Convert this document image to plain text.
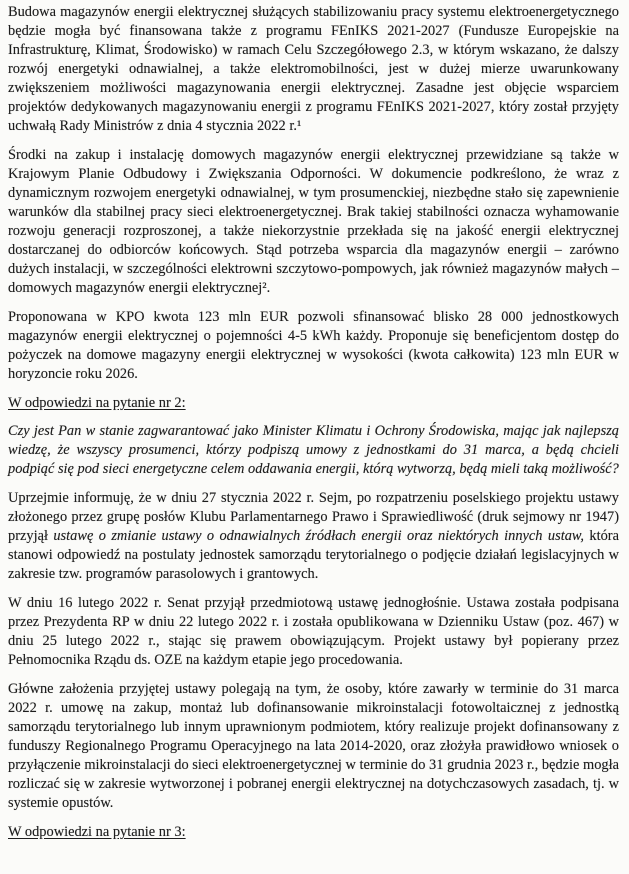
Budowa magazynów energii elektrycznej służących stabilizowaniu pracy systemu elektroenergetycznego będzie mogła być finansowana także z programu FEnIKS 2021-2027 (Fundusze Europejskie na Infrastrukturę, Klimat, Środowisko) w ramach Celu Szczegółowego 2.3, w którym wskazano, że dalszy rozwój energetyki odnawialnej, a także elektromobilności, jest w dużej mierze uwarunkowany zwiększeniem możliwości magazynowania energii elektrycznej. Zasadne jest objęcie wsparciem projektów dedykowanych magazynowaniu energii z programu FEnIKS 2021-2027, który został przyjęty uchwałą Rady Ministrów z dnia 4 stycznia 2022 r.¹

Środki na zakup i instalację domowych magazynów energii elektrycznej przewidziane są także w Krajowym Planie Odbudowy i Zwiększania Odporności. W dokumencie podkreślono, że wraz z dynamicznym rozwojem energetyki odnawialnej, w tym prosumenckiej, niezbędne stało się zapewnienie warunków dla stabilnej pracy sieci elektroenergetycznej. Brak takiej stabilności oznacza wyhamowanie rozwoju generacji rozproszonej, a także niekorzystnie przekłada się na jakość energii elektrycznej dostarczanej do odbiorców końcowych. Stąd potrzeba wsparcia dla magazynów energii – zarówno dużych instalacji, w szczególności elektrowni szczytowo-pompowych, jak również magazynów małych – domowych magazynów energii elektrycznej².

Proponowana w KPO kwota 123 mln EUR pozwoli sfinansować blisko 28 000 jednostkowych magazynów energii elektrycznej o pojemności 4-5 kWh każdy. Proponuje się beneficjentom dostęp do pożyczek na domowe magazyny energii elektrycznej w wysokości (kwota całkowita) 123 mln EUR w horyzoncie roku 2026.

W odpowiedzi na pytanie nr 2:

Czy jest Pan w stanie zagwarantować jako Minister Klimatu i Ochrony Środowiska, mając jak najlepszą wiedzę, że wszyscy prosumenci, którzy podpiszą umowy z jednostkami do 31 marca, a będą chcieli podpiąć się pod sieci energetyczne celem oddawania energii, którą wytworzą, będą mieli taką możliwość?

Uprzejmie informuję, że w dniu 27 stycznia 2022 r. Sejm, po rozpatrzeniu poselskiego projektu ustawy złożonego przez grupę posłów Klubu Parlamentarnego Prawo i Sprawiedliwość (druk sejmowy nr 1947) przyjął ustawę o zmianie ustawy o odnawialnych źródłach energii oraz niektórych innych ustaw, która stanowi odpowiedź na postulaty jednostek samorządu terytorialnego o podjęcie działań legislacyjnych w zakresie tzw. programów parasolowych i grantowych.

W dniu 16 lutego 2022 r. Senat przyjął przedmiotową ustawę jednogłośnie. Ustawa została podpisana przez Prezydenta RP w dniu 22 lutego 2022 r. i została opublikowana w Dzienniku Ustaw (poz. 467) w dniu 25 lutego 2022 r., stając się prawem obowiązującym. Projekt ustawy był popierany przez Pełnomocnika Rządu ds. OZE na każdym etapie jego procedowania.

Główne założenia przyjętej ustawy polegają na tym, że osoby, które zawarły w terminie do 31 marca 2022 r. umowę na zakup, montaż lub dofinansowanie mikroinstalacji fotowoltaicznej z jednostką samorządu terytorialnego lub innym uprawnionym podmiotem, który realizuje projekt dofinansowany z funduszy Regionalnego Programu Operacyjnego na lata 2014-2020, oraz złożyła prawidłowo wniosek o przyłączenie mikroinstalacji do sieci elektroenergetycznej w terminie do 31 grudnia 2023 r., będzie mogła rozliczać się w zakresie wytworzonej i pobranej energii elektrycznej na dotychczasowych zasadach, tj. w systemie opustów.

W odpowiedzi na pytanie nr 3:
